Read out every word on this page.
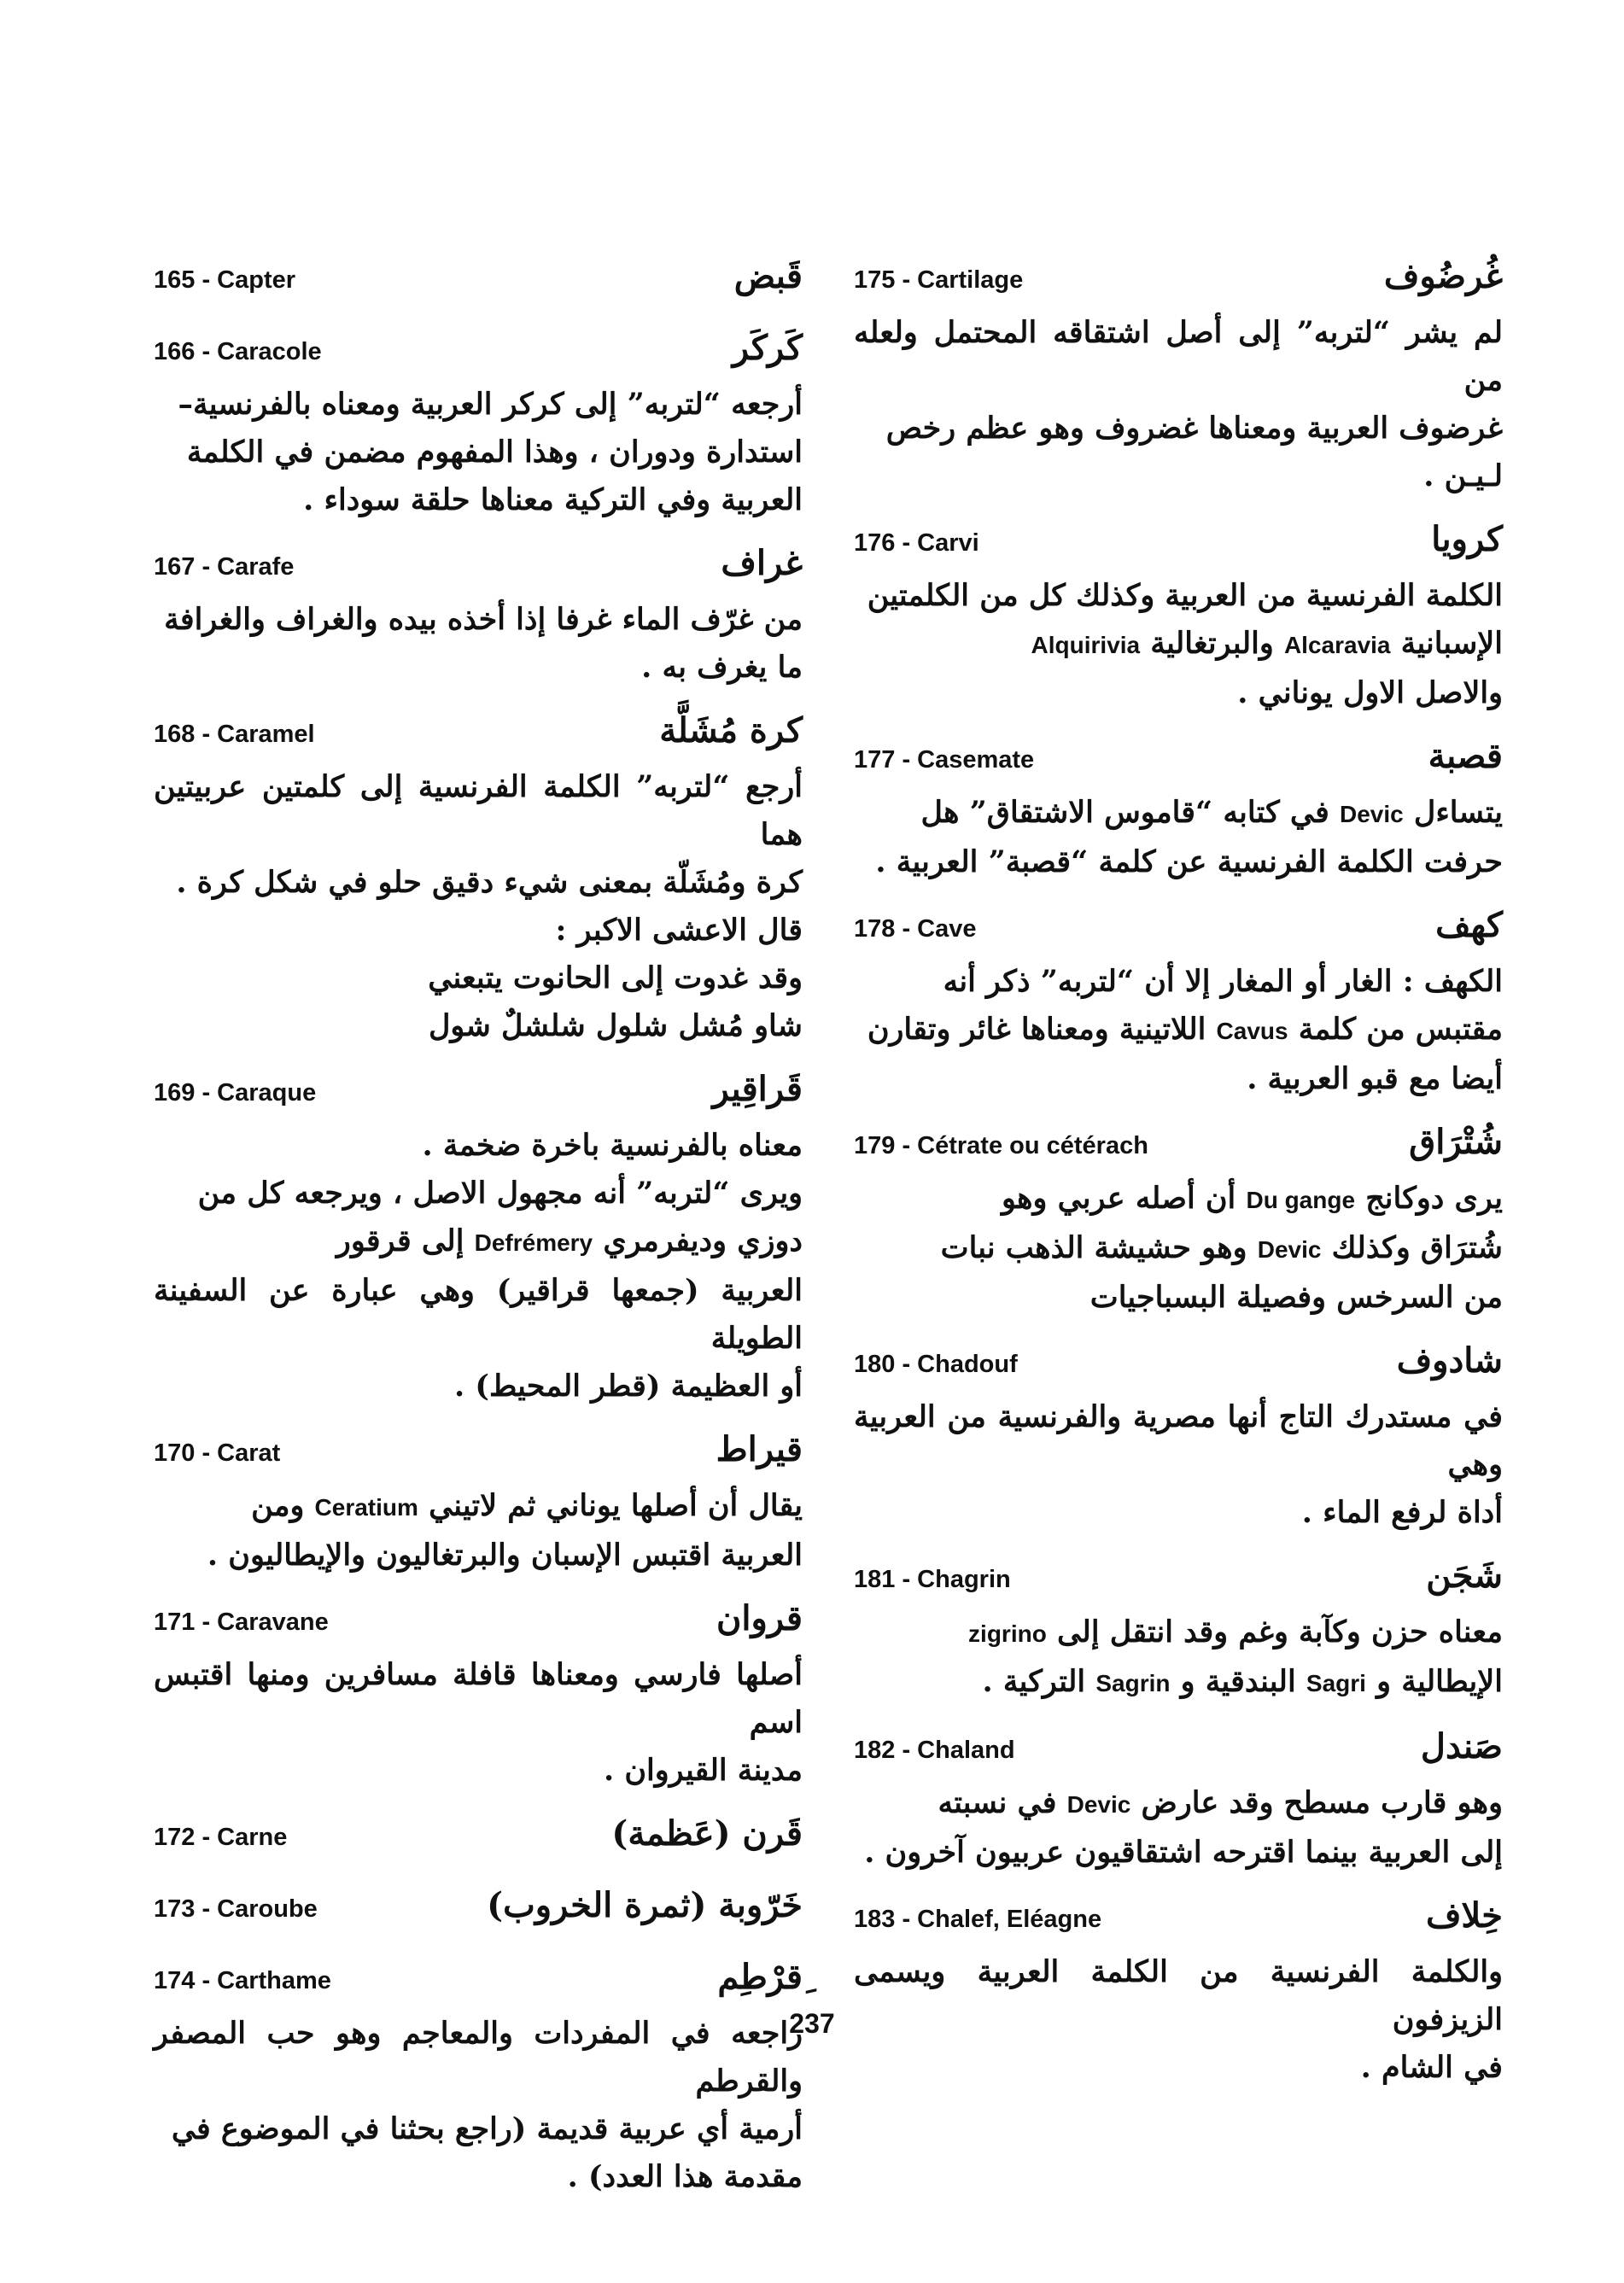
165 - Capter	قَبض
166 - Caracole	كَركَر
أرجعه “لتربه” إلى كركر العربية ومعناه بالفرنسية–
استدارة ودوران ، وهذا المفهوم مضمن في الكلمة
العربية وفي التركية معناها حلقة سوداء .
167 - Carafe	غراف
من غرّف الماء غرفا إذا أخذه بيده والغراف والغرافة
ما يغرف به .
168 - Caramel	كرة مُشَلَّة
أرجع “لتربه” الكلمة الفرنسية إلى كلمتين عربيتين هما
كرة ومُشَلّة بمعنى شيء دقيق حلو في شكل كرة .
قال الاعشى الاكبر :
وقد غدوت إلى الحانوت يتبعني
شاو مُشل شلول شلشلٌ شول
169 - Caraque	قَراقِير
معناه بالفرنسية باخرة ضخمة .
ويرى “لتربه” أنه مجهول الاصل ، ويرجعه كل من
دوزي وديفرمري Defrémery إلى قرقور
العربية (جمعها قراقير) وهي عبارة عن السفينة الطويلة
أو العظيمة (قطر المحيط) .
170 - Carat	قيراط
يقال أن أصلها يوناني ثم لاتيني Ceratium ومن
العربية اقتبس الإسبان والبرتغاليون والإيطاليون .
171 - Caravane	قروان
أصلها فارسي ومعناها قافلة مسافرين ومنها اقتبس اسم
مدينة القيروان .
172 - Carne	قَرن (عَظمة)
173 - Caroube	خَرّوبة (ثمرة الخروب)
174 - Carthame	ِقرْطِم
راجعه في المفردات والمعاجم وهو حب المصفر والقرطم
أرمية أي عربية قديمة (راجع بحثنا في الموضوع في
مقدمة هذا العدد) .
175 - Cartilage	غُرضُوف
لم يشر “لتربه” إلى أصل اشتقاقه المحتمل ولعله من
غرضوف العربية ومعناها غضروف وهو عظم رخص
لـيـن .
176 - Carvi	كرويا
الكلمة الفرنسية من العربية وكذلك كل من الكلمتين
الإسبانية Alcaravia والبرتغالية Alquirivia
والاصل الاول يوناني .
177 - Casemate	قصبة
يتساءل Devic في كتابه “قاموس الاشتقاق” هل
حرفت الكلمة الفرنسية عن كلمة “قصبة” العربية .
178 - Cave	كهف
الكهف : الغار أو المغار إلا أن “لتربه” ذكر أنه
مقتبس من كلمة Cavus اللاتينية ومعناها غائر وتقارن
أيضا مع قبو العربية .
179 - Cétrate ou cétérach	شُتْرَاق
يرى دوكانج Du gange أن أصله عربي وهو
شُترَاق وكذلك Devic وهو حشيشة الذهب نبات
من السرخس وفصيلة البسباجيات
180 - Chadouf	شادوف
في مستدرك التاج أنها مصرية والفرنسية من العربية وهي
أداة لرفع الماء .
181 - Chagrin	شَجَن
معناه حزن وكآبة وغم وقد انتقل إلى zigrino
الإيطالية و Sagri البندقية و Sagrin التركية .
182 - Chaland	صَندل
وهو قارب مسطح وقد عارض Devic في نسبته
إلى العربية بينما اقترحه اشتقاقيون عربيون آخرون .
183 - Chalef, Eléagne	خِلاف
والكلمة الفرنسية من الكلمة العربية ويسمى الزيزفون
في الشام .
237
